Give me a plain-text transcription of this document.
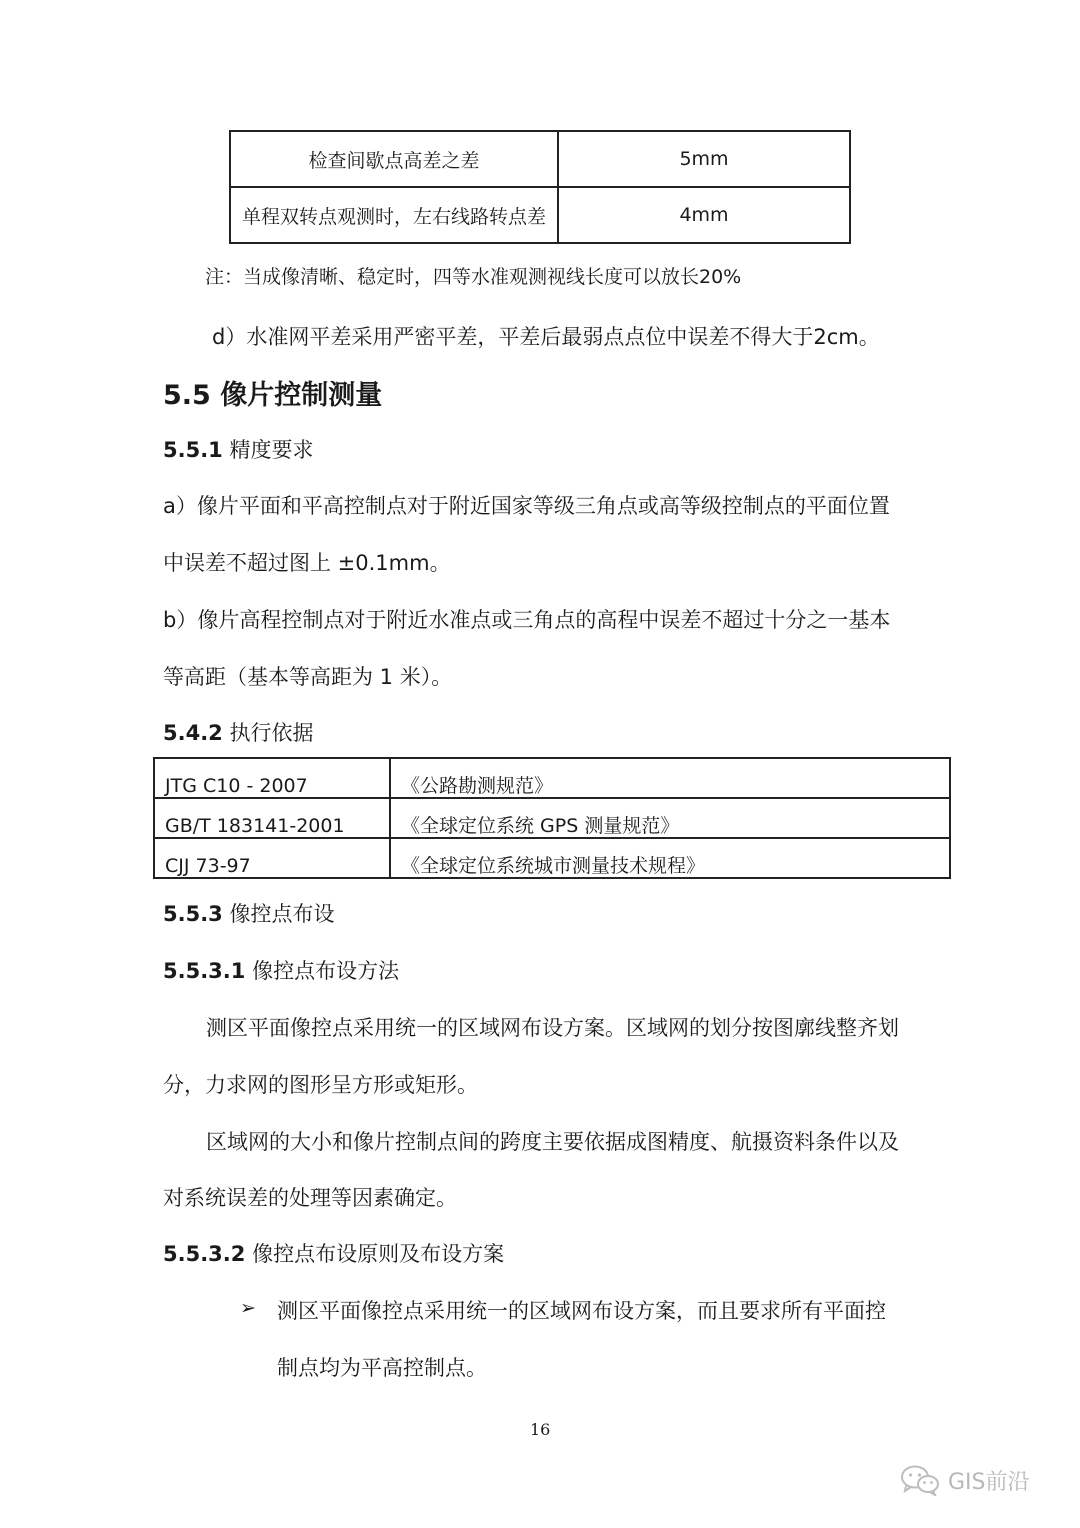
检查间歇点高差之差	5mm
单程双转点观测时，左右线路转点差	4mm
注：当成像清晰、稳定时，四等水准观测视线长度可以放长20%
d）水准网平差采用严密平差，平差后最弱点点位中误差不得大于2cm。
5.5 像片控制测量
5.5.1 精度要求
a）像片平面和平高控制点对于附近国家等级三角点或高等级控制点的平面位置
中误差不超过图上 ±0.1mm。
b）像片高程控制点对于附近水准点或三角点的高程中误差不超过十分之一基本
等高距（基本等高距为 1 米）。
5.4.2 执行依据
JTG C10 - 2007	《公路勘测规范》
GB/T 183141-2001	《全球定位系统 GPS 测量规范》
CJJ 73-97	《全球定位系统城市测量技术规程》
5.5.3 像控点布设
5.5.3.1 像控点布设方法
测区平面像控点采用统一的区域网布设方案。区域网的划分按图廓线整齐划
分，力求网的图形呈方形或矩形。
区域网的大小和像片控制点间的跨度主要依据成图精度、航摄资料条件以及
对系统误差的处理等因素确定。
5.5.3.2 像控点布设原则及布设方案
➢ 测区平面像控点采用统一的区域网布设方案，而且要求所有平面控
制点均为平高控制点。
16
GIS前沿
